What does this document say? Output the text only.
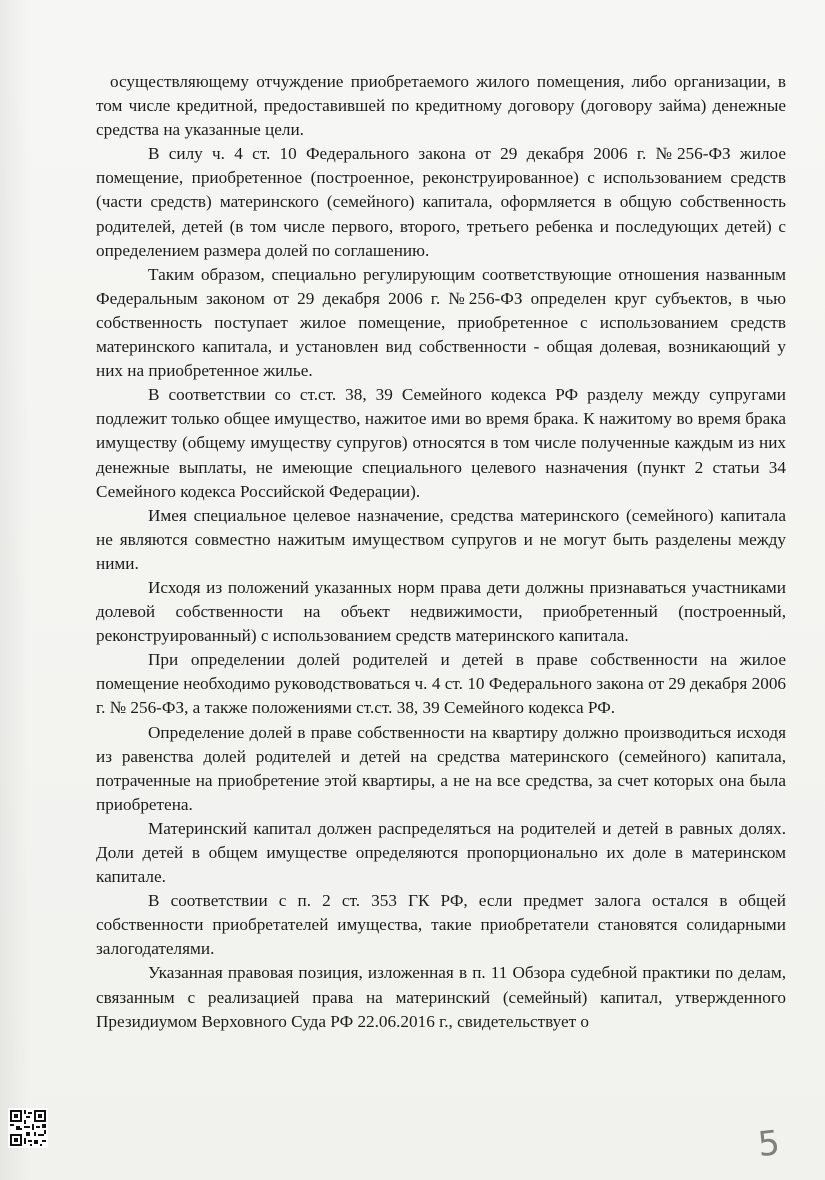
осуществляющему отчуждение приобретаемого жилого помещения, либо организации, в том числе кредитной, предоставившей по кредитному договору (договору займа) денежные средства на указанные цели.

В силу ч. 4 ст. 10 Федерального закона от 29 декабря 2006 г. №256-ФЗ жилое помещение, приобретенное (построенное, реконструированное) с использованием средств (части средств) материнского (семейного) капитала, оформляется в общую собственность родителей, детей (в том числе первого, второго, третьего ребенка и последующих детей) с определением размера долей по соглашению.

Таким образом, специально регулирующим соответствующие отношения названным Федеральным законом от 29 декабря 2006 г. №256-ФЗ определен круг субъектов, в чью собственность поступает жилое помещение, приобретенное с использованием средств материнского капитала, и установлен вид собственности - общая долевая, возникающий у них на приобретенное жилье.

В соответствии со ст.ст. 38, 39 Семейного кодекса РФ разделу между супругами подлежит только общее имущество, нажитое ими во время брака. К нажитому во время брака имуществу (общему имуществу супругов) относятся в том числе полученные каждым из них денежные выплаты, не имеющие специального целевого назначения (пункт 2 статьи 34 Семейного кодекса Российской Федерации).

Имея специальное целевое назначение, средства материнского (семейного) капитала не являются совместно нажитым имуществом супругов и не могут быть разделены между ними.

Исходя из положений указанных норм права дети должны признаваться участниками долевой собственности на объект недвижимости, приобретенный (построенный, реконструированный) с использованием средств материнского капитала.

При определении долей родителей и детей в праве собственности на жилое помещение необходимо руководствоваться ч. 4 ст. 10 Федерального закона от 29 декабря 2006 г. № 256-ФЗ, а также положениями ст.ст. 38, 39 Семейного кодекса РФ.

Определение долей в праве собственности на квартиру должно производиться исходя из равенства долей родителей и детей на средства материнского (семейного) капитала, потраченные на приобретение этой квартиры, а не на все средства, за счет которых она была приобретена.

Материнский капитал должен распределяться на родителей и детей в равных долях. Доли детей в общем имуществе определяются пропорционально их доле в материнском капитале.

В соответствии с п. 2 ст. 353 ГК РФ, если предмет залога остался в общей собственности приобретателей имущества, такие приобретатели становятся солидарными залогодателями.

Указанная правовая позиция, изложенная в п. 11 Обзора судебной практики по делам, связанным с реализацией права на материнский (семейный) капитал, утвержденного Президиумом Верховного Суда РФ 22.06.2016 г., свидетельствует о

5
